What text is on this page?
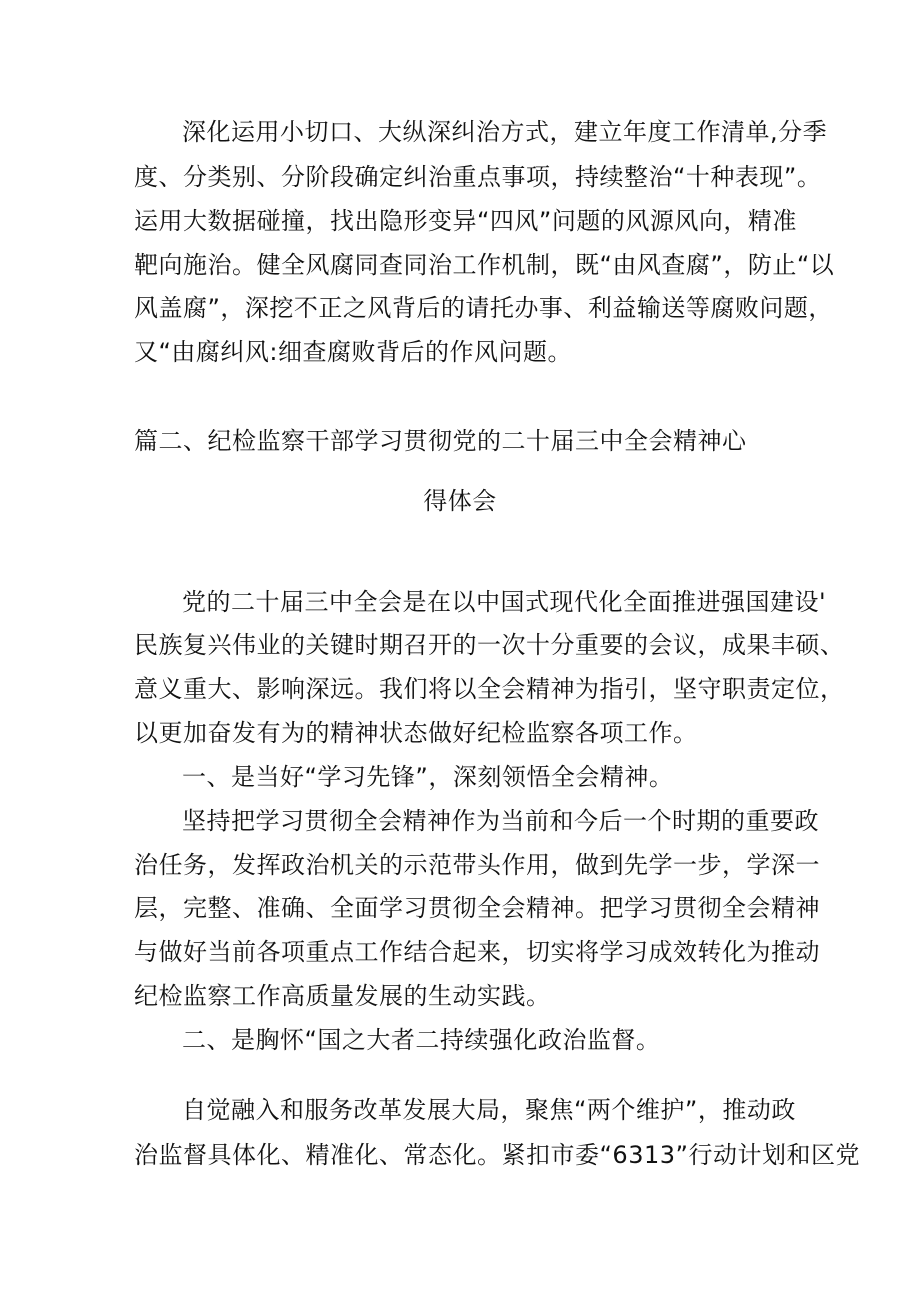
深化运用小切口、大纵深纠治方式，建立年度工作清单,分季
度、分类别、分阶段确定纠治重点事项，持续整治“十种表现”。
运用大数据碰撞，找出隐形变异“四风”问题的风源风向，精准
靶向施治。健全风腐同查同治工作机制，既“由风查腐”，防止“以
风盖腐”，深挖不正之风背后的请托办事、利益输送等腐败问题，
又“由腐纠风:细查腐败背后的作风问题。
篇二、纪检监察干部学习贯彻党的二十届三中全会精神心
得体会
党的二十届三中全会是在以中国式现代化全面推进强国建设'
民族复兴伟业的关键时期召开的一次十分重要的会议，成果丰硕、
意义重大、影响深远。我们将以全会精神为指引，坚守职责定位，
以更加奋发有为的精神状态做好纪检监察各项工作。
一、是当好“学习先锋”，深刻领悟全会精神。
坚持把学习贯彻全会精神作为当前和今后一个时期的重要政
治任务，发挥政治机关的示范带头作用，做到先学一步，学深一
层，完整、准确、全面学习贯彻全会精神。把学习贯彻全会精神
与做好当前各项重点工作结合起来，切实将学习成效转化为推动
纪检监察工作高质量发展的生动实践。
二、是胸怀“国之大者二持续强化政治监督。
自觉融入和服务改革发展大局，聚焦“两个维护”，推动政
治监督具体化、精准化、常态化。紧扣市委“6313”行动计划和区党
